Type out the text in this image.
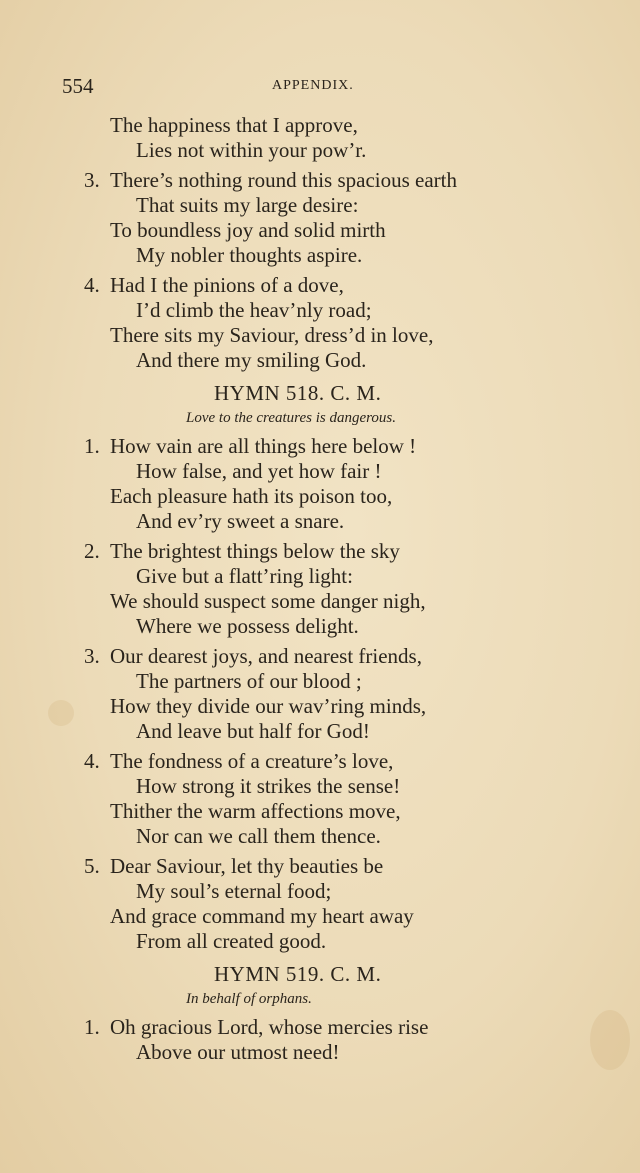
554	APPENDIX.
The happiness that I approve,
Lies not within your pow’r.
3. There’s nothing round this spacious earth
That suits my large desire:
To boundless joy and solid mirth
My nobler thoughts aspire.
4. Had I the pinions of a dove,
I’d climb the heav’nly road;
There sits my Saviour, dress’d in love,
And there my smiling God.
HYMN 518. C. M.
Love to the creatures is dangerous.
1. How vain are all things here below !
How false, and yet how fair !
Each pleasure hath its poison too,
And ev’ry sweet a snare.
2. The brightest things below the sky
Give but a flatt’ring light:
We should suspect some danger nigh,
Where we possess delight.
3. Our dearest joys, and nearest friends,
The partners of our blood ;
How they divide our wav’ring minds,
And leave but half for God!
4. The fondness of a creature’s love,
How strong it strikes the sense!
Thither the warm affections move,
Nor can we call them thence.
5. Dear Saviour, let thy beauties be
My soul’s eternal food;
And grace command my heart away
From all created good.
HYMN 519. C. M.
In behalf of orphans.
1. Oh gracious Lord, whose mercies rise
Above our utmost need!
